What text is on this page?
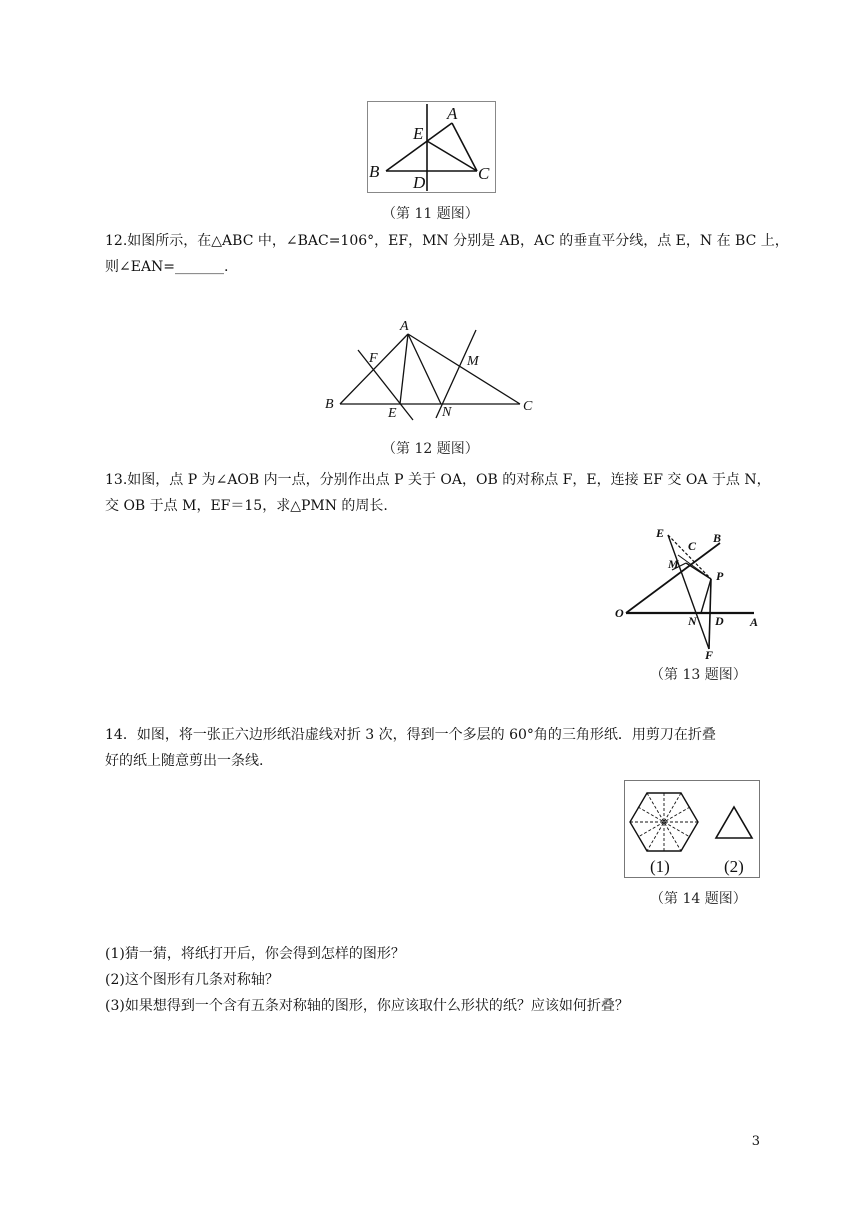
A
E
B
D	C
（第 11 题图）
12.如图所示，在△ABC 中，∠BAC=106°，EF，MN 分别是 AB，AC 的垂直平分线，点 E，N 在 BC 上，
则∠EAN=_______.
A
F	M
B
E	N	C
（第 12 题图）
13.如图，点 P 为∠AOB 内一点，分别作出点 P 关于 OA，OB 的对称点 F，E，连接 EF 交 OA 于点 N，
交 OB 于点 M，EF＝15，求△PMN 的周长.
E
C
B
M
P
O
N D A
F
（第 13 题图）
14．如图，将一张正六边形纸沿虚线对折 3 次，得到一个多层的 60°角的三角形纸．用剪刀在折叠
好的纸上随意剪出一条线.
(1)	(2)
（第 14 题图）
(1)猜一猜，将纸打开后，你会得到怎样的图形？
(2)这个图形有几条对称轴？
(3)如果想得到一个含有五条对称轴的图形，你应该取什么形状的纸？应该如何折叠？
3
